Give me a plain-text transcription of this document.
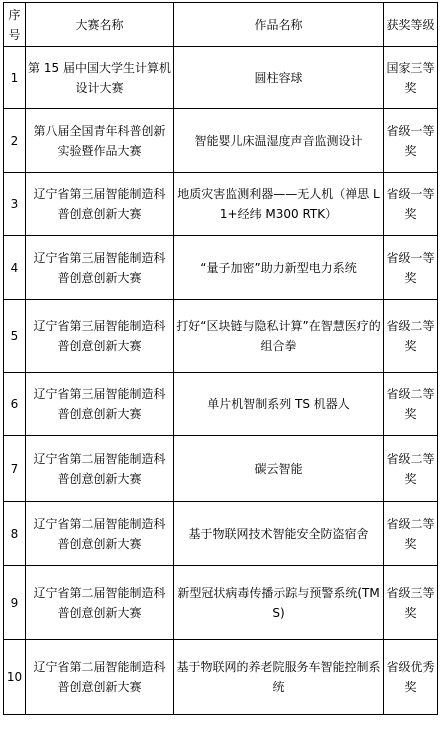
序号	大赛名称	作品名称	获奖等级
1	第 15 届中国大学生计算机设计大赛	圆柱容球	国家三等奖
2	第八届全国青年科普创新实验暨作品大赛	智能婴儿床温湿度声音监测设计	省级一等奖
3	辽宁省第三届智能制造科普创意创新大赛	地质灾害监测利器——无人机（禅思 L1+经纬 M300 RTK）	省级一等奖
4	辽宁省第三届智能制造科普创意创新大赛	“量子加密”助力新型电力系统	省级一等奖
5	辽宁省第三届智能制造科普创意创新大赛	打好“区块链与隐私计算”在智慧医疗的组合拳	省级二等奖
6	辽宁省第三届智能制造科普创意创新大赛	单片机智制系列 TS 机器人	省级二等奖
7	辽宁省第二届智能制造科普创意创新大赛	碳云智能	省级二等奖
8	辽宁省第二届智能制造科普创意创新大赛	基于物联网技术智能安全防盗宿舍	省级二等奖
9	辽宁省第二届智能制造科普创意创新大赛	新型冠状病毒传播示踪与预警系统(TMS)	省级三等奖
10	辽宁省第二届智能制造科普创意创新大赛	基于物联网的养老院服务车智能控制系统	省级优秀奖
